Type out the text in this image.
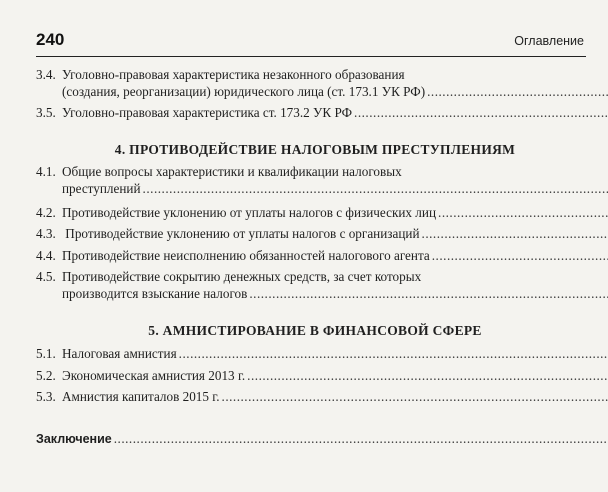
240	Оглавление
3.4. Уголовно-правовая характеристика незаконного образования
(создания, реорганизации) юридического лица (ст. 173.1 УК РФ)
.....
3.5. Уголовно-правовая характеристика ст. 173.2 УК РФ
.....
4. ПРОТИВОДЕЙСТВИЕ НАЛОГОВЫМ ПРЕСТУПЛЕНИЯМ
4.1. Общие вопросы характеристики и квалификации налоговых
преступлений
.....
4.2. Противодействие уклонению от уплаты налогов с физических лиц
.....
4.3. Противодействие уклонению от уплаты налогов с организаций
.....
4.4. Противодействие неисполнению обязанностей налогового агента
.....
4.5. Противодействие сокрытию денежных средств, за счет которых
производится взыскание налогов
.....
5. АМНИСТИРОВАНИЕ В ФИНАНСОВОЙ СФЕРЕ
5.1. Налоговая амнистия
.....
5.2. Экономическая амнистия 2013 г.
.....
5.3. Амнистия капиталов 2015 г.
.....
Заключение
.....
